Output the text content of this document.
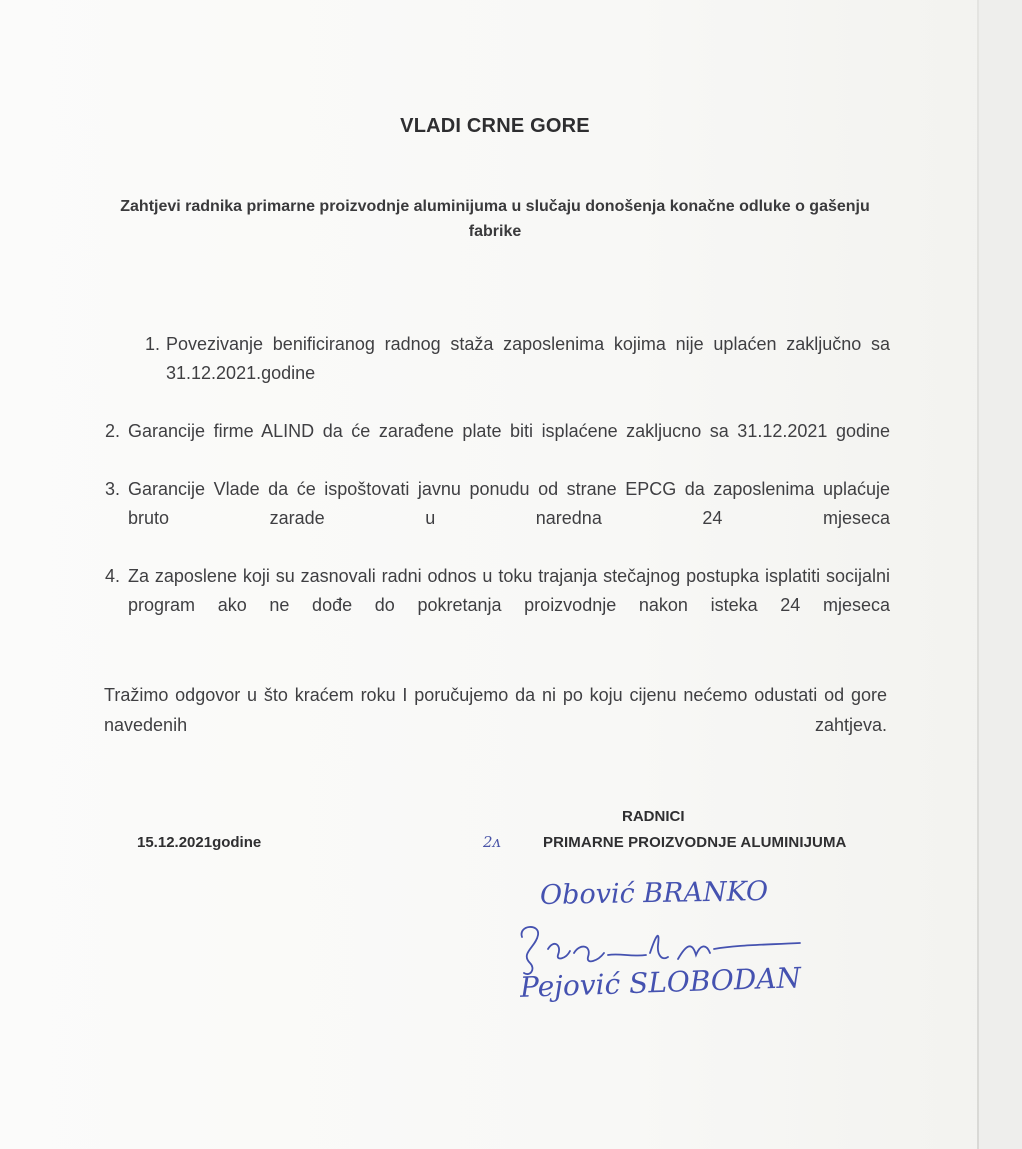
VLADI CRNE GORE
Zahtjevi radnika primarne proizvodnje aluminijuma u slučaju donošenja konačne odluke o gašenju fabrike
1. Povezivanje benificiranog radnog staža zaposlenima kojima nije uplaćen zaključno sa 31.12.2021.godine
2. Garancije firme ALIND da će zarađene plate biti isplaćene zakljucno sa 31.12.2021 godine
3. Garancije Vlade da će ispoštovati javnu ponudu od strane EPCG da zaposlenima uplaćuje bruto zarade u naredna 24 mjeseca
4. Za zaposlene koji su zasnovali radni odnos u toku trajanja stečajnog postupka isplatiti socijalni program ako ne dođe do pokretanja proizvodnje nakon isteka 24 mjeseca
Tražimo odgovor u što kraćem roku I poručujemo da ni po koju cijenu nećemo odustati od gore navedenih zahtjeva.
15.12.2021godine
RADNICI
2ᴧ	PRIMARNE PROIZVODNJE ALUMINIJUMA
Obović BRANKO
Pejović SLOBODAN
